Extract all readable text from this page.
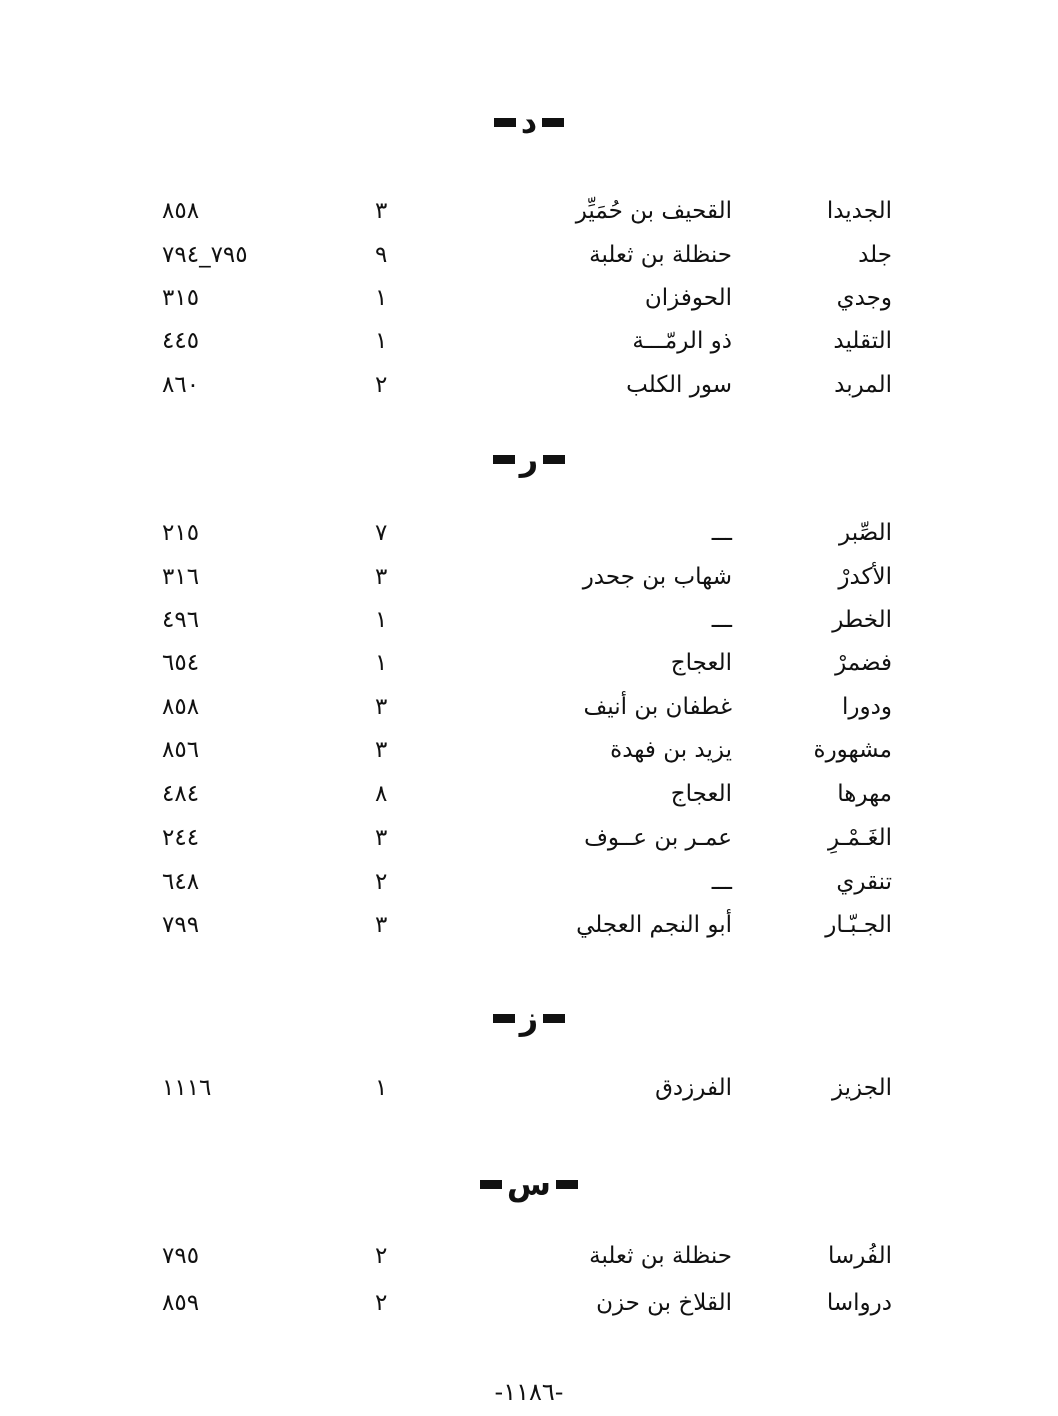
د
الجديدا
القحيف بن حُمَيِّر
٣
٨٥٨
جلد
حنظلة بن ثعلبة
٩
٧٩٥_٧٩٤
وجدي
الحوفزان
١
٣١٥
التقليد
ذو الرمّـــة
١
٤٤٥
المربد
سور الكلب
٢
٨٦٠
ر
الصِّبر
ـــ
٧
٢١٥
الأكدرْ
شهاب بن جحدر
٣
٣١٦
الخطر
ـــ
١
٤٩٦
فضمرْ
العجاج
١
٦٥٤
ودورا
غطفان بن أنيف
٣
٨٥٨
مشهورة
يزيد بن فهدة
٣
٨٥٦
مهرها
العجاج
٨
٤٨٤
الغَـمْـرِ
عمـر بن عــوف
٣
٢٤٤
تنقري
ـــ
٢
٦٤٨
الجـبّـار
أبو النجم العجلي
٣
٧٩٩
ز
الجزيز
الفرزدق
١
١١١٦
س
الفُرسا
حنظلة بن ثعلبة
٢
٧٩٥
درواسا
القلاخ بن حزن
٢
٨٥٩
-١١٨٦-
